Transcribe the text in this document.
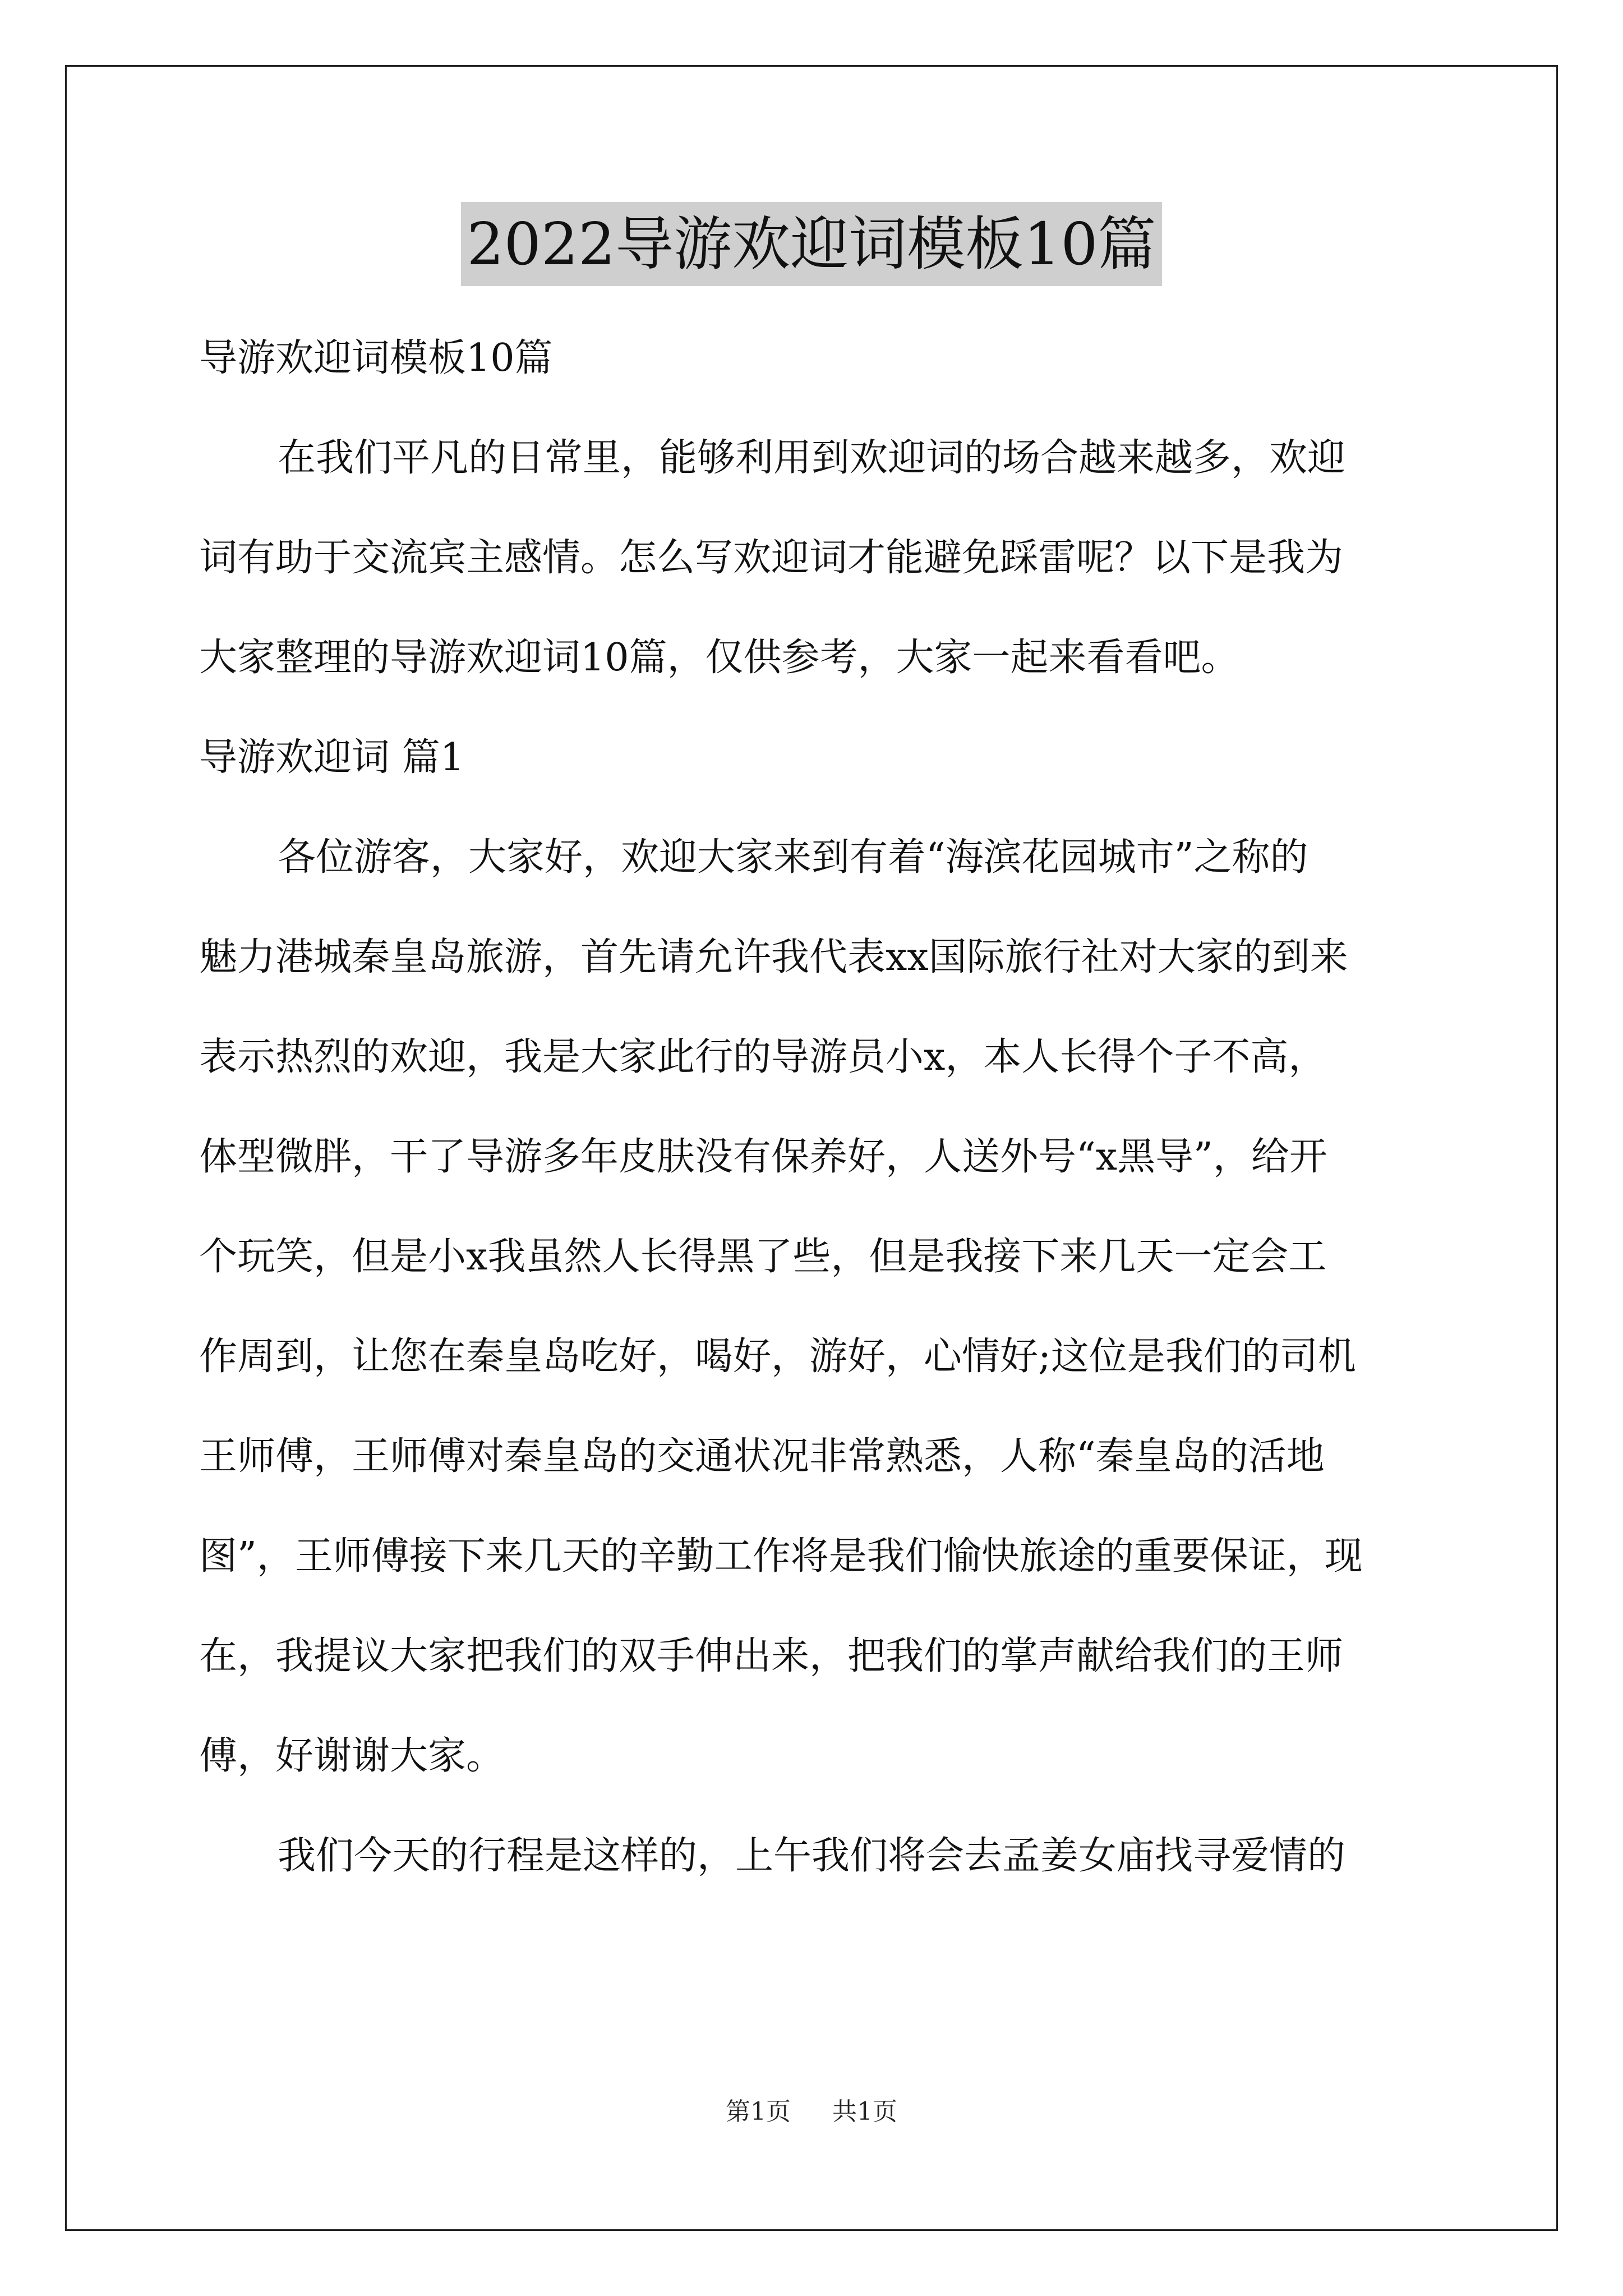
2022导游欢迎词模板10篇
导游欢迎词模板10篇
在我们平凡的日常里，能够利用到欢迎词的场合越来越多，欢迎
词有助于交流宾主感情。怎么写欢迎词才能避免踩雷呢？以下是我为
大家整理的导游欢迎词10篇，仅供参考，大家一起来看看吧。
导游欢迎词 篇1
各位游客，大家好，欢迎大家来到有着“海滨花园城市”之称的
魅力港城秦皇岛旅游，首先请允许我代表xx国际旅行社对大家的到来
表示热烈的欢迎，我是大家此行的导游员小x，本人长得个子不高，
体型微胖，干了导游多年皮肤没有保养好，人送外号“x黑导”，给开
个玩笑，但是小x我虽然人长得黑了些，但是我接下来几天一定会工
作周到，让您在秦皇岛吃好，喝好，游好，心情好;这位是我们的司机
王师傅，王师傅对秦皇岛的交通状况非常熟悉，人称“秦皇岛的活地
图”，王师傅接下来几天的辛勤工作将是我们愉快旅途的重要保证，现
在，我提议大家把我们的双手伸出来，把我们的掌声献给我们的王师
傅，好谢谢大家。
我们今天的行程是这样的，上午我们将会去孟姜女庙找寻爱情的
第1页 共1页
